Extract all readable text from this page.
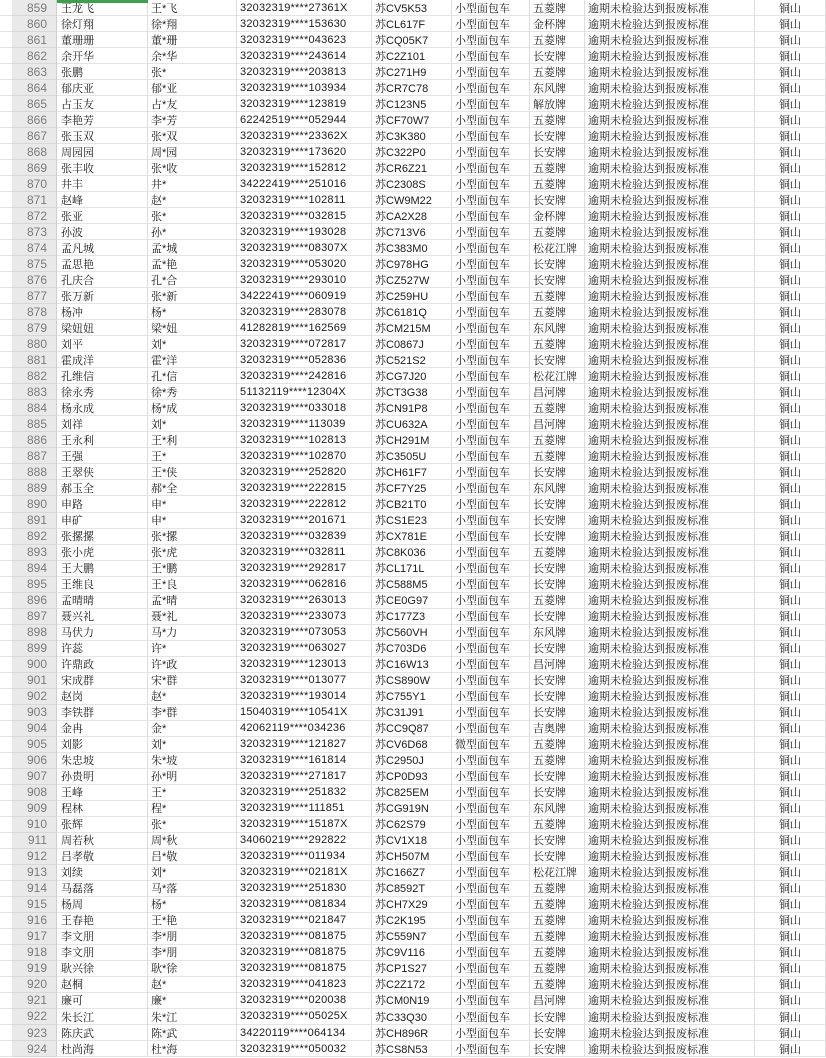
859	王龙飞	王*飞	32032319****27361X	苏CV5K53	小型面包车	五菱牌	逾期未检验达到报废标准	铜山
860	徐灯翔	徐*翔	32032319****153630	苏CL617F	小型面包车	金杯牌	逾期未检验达到报废标准	铜山
861	董珊珊	董*珊	32032319****043623	苏CQ05K7	小型面包车	五菱牌	逾期未检验达到报废标准	铜山
862	余开华	余*华	32032319****243614	苏C2Z101	小型面包车	长安牌	逾期未检验达到报废标准	铜山
863	张鹏	张*	32032319****203813	苏C271H9	小型面包车	五菱牌	逾期未检验达到报废标准	铜山
864	郁庆亚	郁*亚	32032319****103934	苏CR7C78	小型面包车	东风牌	逾期未检验达到报废标准	铜山
865	占玉友	占*友	32032319****123819	苏C123N5	小型面包车	解放牌	逾期未检验达到报废标准	铜山
866	李艳芳	李*芳	62242519****052944	苏CF70W7	小型面包车	五菱牌	逾期未检验达到报废标准	铜山
867	张玉双	张*双	32032319****23362X	苏C3K380	小型面包车	长安牌	逾期未检验达到报废标准	铜山
868	周园园	周*园	32032319****173620	苏C322P0	小型面包车	长安牌	逾期未检验达到报废标准	铜山
869	张丰收	张*收	32032319****152812	苏CR6Z21	小型面包车	五菱牌	逾期未检验达到报废标准	铜山
870	井丰	井*	34222419****251016	苏C2308S	小型面包车	五菱牌	逾期未检验达到报废标准	铜山
871	赵峰	赵*	32032319****102811	苏CW9M22	小型面包车	长安牌	逾期未检验达到报废标准	铜山
872	张亚	张*	32032319****032815	苏CA2X28	小型面包车	金杯牌	逾期未检验达到报废标准	铜山
873	孙波	孙*	32032319****193028	苏C713V6	小型面包车	五菱牌	逾期未检验达到报废标准	铜山
874	孟凡城	孟*城	32032319****08307X	苏C383M0	小型面包车	松花江牌	逾期未检验达到报废标准	铜山
875	孟思艳	孟*艳	32032319****053020	苏C978HG	小型面包车	长安牌	逾期未检验达到报废标准	铜山
876	孔庆合	孔*合	32032319****293010	苏CZ527W	小型面包车	长安牌	逾期未检验达到报废标准	铜山
877	张万新	张*新	34222419****060919	苏C259HU	小型面包车	五菱牌	逾期未检验达到报废标准	铜山
878	杨冲	杨*	32032319****283078	苏C6181Q	小型面包车	五菱牌	逾期未检验达到报废标准	铜山
879	梁妞妞	梁*妞	41282819****162569	苏CM215M	小型面包车	东风牌	逾期未检验达到报废标准	铜山
880	刘平	刘*	32032319****072817	苏C0867J	小型面包车	五菱牌	逾期未检验达到报废标准	铜山
881	霍成洋	霍*洋	32032319****052836	苏C521S2	小型面包车	长安牌	逾期未检验达到报废标准	铜山
882	孔维信	孔*信	32032319****242816	苏CG7J20	小型面包车	松花江牌	逾期未检验达到报废标准	铜山
883	徐永秀	徐*秀	51132119****12304X	苏CT3G38	小型面包车	昌河牌	逾期未检验达到报废标准	铜山
884	杨永成	杨*成	32032319****033018	苏CN91P8	小型面包车	五菱牌	逾期未检验达到报废标准	铜山
885	刘祥	刘*	32032319****113039	苏CU632A	小型面包车	昌河牌	逾期未检验达到报废标准	铜山
886	王永利	王*利	32032319****102813	苏CH291M	小型面包车	五菱牌	逾期未检验达到报废标准	铜山
887	王强	王*	32032319****102870	苏C3505U	小型面包车	五菱牌	逾期未检验达到报废标准	铜山
888	王翠侠	王*侠	32032319****252820	苏CH61F7	小型面包车	长安牌	逾期未检验达到报废标准	铜山
889	郝玉全	郝*全	32032319****222815	苏CF7Y25	小型面包车	东风牌	逾期未检验达到报废标准	铜山
890	申路	申*	32032319****222812	苏CB21T0	小型面包车	长安牌	逾期未检验达到报废标准	铜山
891	申矿	申*	32032319****201671	苏CS1E23	小型面包车	长安牌	逾期未检验达到报废标准	铜山
892	张摞摞	张*摞	32032319****032839	苏CX781E	小型面包车	长安牌	逾期未检验达到报废标准	铜山
893	张小虎	张*虎	32032319****032811	苏C8K036	小型面包车	五菱牌	逾期未检验达到报废标准	铜山
894	王大鹏	王*鹏	32032319****292817	苏CL171L	小型面包车	长安牌	逾期未检验达到报废标准	铜山
895	王维良	王*良	32032319****062816	苏C588M5	小型面包车	长安牌	逾期未检验达到报废标准	铜山
896	孟晴晴	孟*晴	32032319****263013	苏CE0G97	小型面包车	五菱牌	逾期未检验达到报废标准	铜山
897	聂兴礼	聂*礼	32032319****233073	苏C177Z3	小型面包车	长安牌	逾期未检验达到报废标准	铜山
898	马伏力	马*力	32032319****073053	苏C560VH	小型面包车	东风牌	逾期未检验达到报废标准	铜山
899	许蕊	许*	32032319****063027	苏C703D6	小型面包车	长安牌	逾期未检验达到报废标准	铜山
900	许鼎政	许*政	32032319****123013	苏C16W13	小型面包车	昌河牌	逾期未检验达到报废标准	铜山
901	宋成群	宋*群	32032319****013077	苏CS890W	小型面包车	长安牌	逾期未检验达到报废标准	铜山
902	赵岗	赵*	32032319****193014	苏C755Y1	小型面包车	长安牌	逾期未检验达到报废标准	铜山
903	李铁群	李*群	15040319****10541X	苏C31J91	小型面包车	长安牌	逾期未检验达到报废标准	铜山
904	金冉	金*	42062119****034236	苏CC9Q87	小型面包车	吉奥牌	逾期未检验达到报废标准	铜山
905	刘影	刘*	32032319****121827	苏CV6D68	微型面包车	五菱牌	逾期未检验达到报废标准	铜山
906	朱忠坡	朱*坡	32032319****161814	苏C2950J	小型面包车	五菱牌	逾期未检验达到报废标准	铜山
907	孙贵明	孙*明	32032319****271817	苏CP0D93	小型面包车	长安牌	逾期未检验达到报废标准	铜山
908	王峰	王*	32032319****251832	苏C825EM	小型面包车	长安牌	逾期未检验达到报废标准	铜山
909	程林	程*	32032319****111851	苏CG919N	小型面包车	东风牌	逾期未检验达到报废标准	铜山
910	张辉	张*	32032319****15187X	苏C62S79	小型面包车	五菱牌	逾期未检验达到报废标准	铜山
911	周若秋	周*秋	34060219****292822	苏CV1X18	小型面包车	长安牌	逾期未检验达到报废标准	铜山
912	吕孝敬	吕*敬	32032319****011934	苏CH507M	小型面包车	长安牌	逾期未检验达到报废标准	铜山
913	刘续	刘*	32032319****02181X	苏C166Z7	小型面包车	松花江牌	逾期未检验达到报废标准	铜山
914	马磊落	马*落	32032319****251830	苏C8592T	小型面包车	五菱牌	逾期未检验达到报废标准	铜山
915	杨周	杨*	32032319****081834	苏CH7X29	小型面包车	五菱牌	逾期未检验达到报废标准	铜山
916	王春艳	王*艳	32032319****021847	苏C2K195	小型面包车	五菱牌	逾期未检验达到报废标准	铜山
917	李文朋	李*朋	32032319****081875	苏C559N7	小型面包车	五菱牌	逾期未检验达到报废标准	铜山
918	李文朋	李*朋	32032319****081875	苏C9V116	小型面包车	五菱牌	逾期未检验达到报废标准	铜山
919	耿兴徐	耿*徐	32032319****081875	苏CP1S27	小型面包车	五菱牌	逾期未检验达到报废标准	铜山
920	赵桐	赵*	32032319****041823	苏C2Z172	小型面包车	五菱牌	逾期未检验达到报废标准	铜山
921	廉可	廉*	32032319****020038	苏CM0N19	小型面包车	昌河牌	逾期未检验达到报废标准	铜山
922	朱长江	朱*江	32032319****05025X	苏C33Q30	小型面包车	长安牌	逾期未检验达到报废标准	铜山
923	陈庆武	陈*武	34220119****064134	苏CH896R	小型面包车	长安牌	逾期未检验达到报废标准	铜山
924	杜尚海	杜*海	32032319****050032	苏CS8N53	小型面包车	长安牌	逾期未检验达到报废标准	铜山
